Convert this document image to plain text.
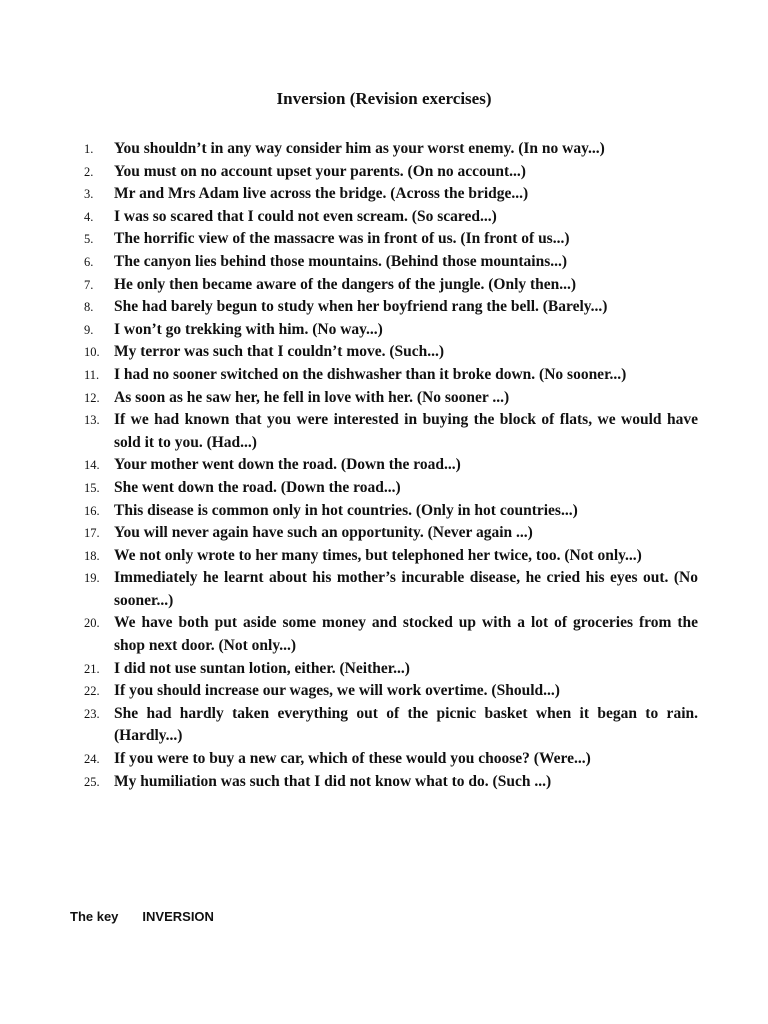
Inversion (Revision exercises)
1.	You shouldn’t in any way consider him as your worst enemy. (In no way...)
2.	You must on no account upset your parents. (On no account...)
3.	Mr and Mrs Adam live across the bridge. (Across the bridge...)
4.	I was so scared that I could not even scream. (So scared...)
5.	The horrific view of the massacre was in front of us. (In front of us...)
6.	The canyon lies behind those mountains. (Behind those mountains...)
7.	He only then became aware of the dangers of the jungle. (Only then...)
8.	She had barely begun to study when her boyfriend rang the bell. (Barely...)
9.	I won’t go trekking with him. (No way...)
10. My terror was such that I couldn’t move. (Such...)
11. I had no sooner switched on the dishwasher than it broke down. (No sooner...)
12. As soon as he saw her, he fell in love with her. (No sooner ...)
13. If we had known that you were interested in buying the block of flats, we would have sold it to you. (Had...)
14. Your mother went down the road. (Down the road...)
15. She went down the road. (Down the road...)
16. This disease is common only in hot countries. (Only in hot countries...)
17. You will never again have such an opportunity. (Never again ...)
18. We not only wrote to her many times, but telephoned her twice, too. (Not only...)
19. Immediately he learnt about his mother’s incurable disease, he cried his eyes out. (No sooner...)
20. We have both put aside some money and stocked up with a lot of groceries from the shop next door. (Not only...)
21. I did not use suntan lotion, either. (Neither...)
22. If you should increase our wages, we will work overtime. (Should...)
23. She had hardly taken everything out of the picnic basket when it began to rain. (Hardly...)
24. If you were to buy a new car, which of these would you choose? (Were...)
25. My humiliation was such that I did not know what to do. (Such ...)
The key INVERSION
